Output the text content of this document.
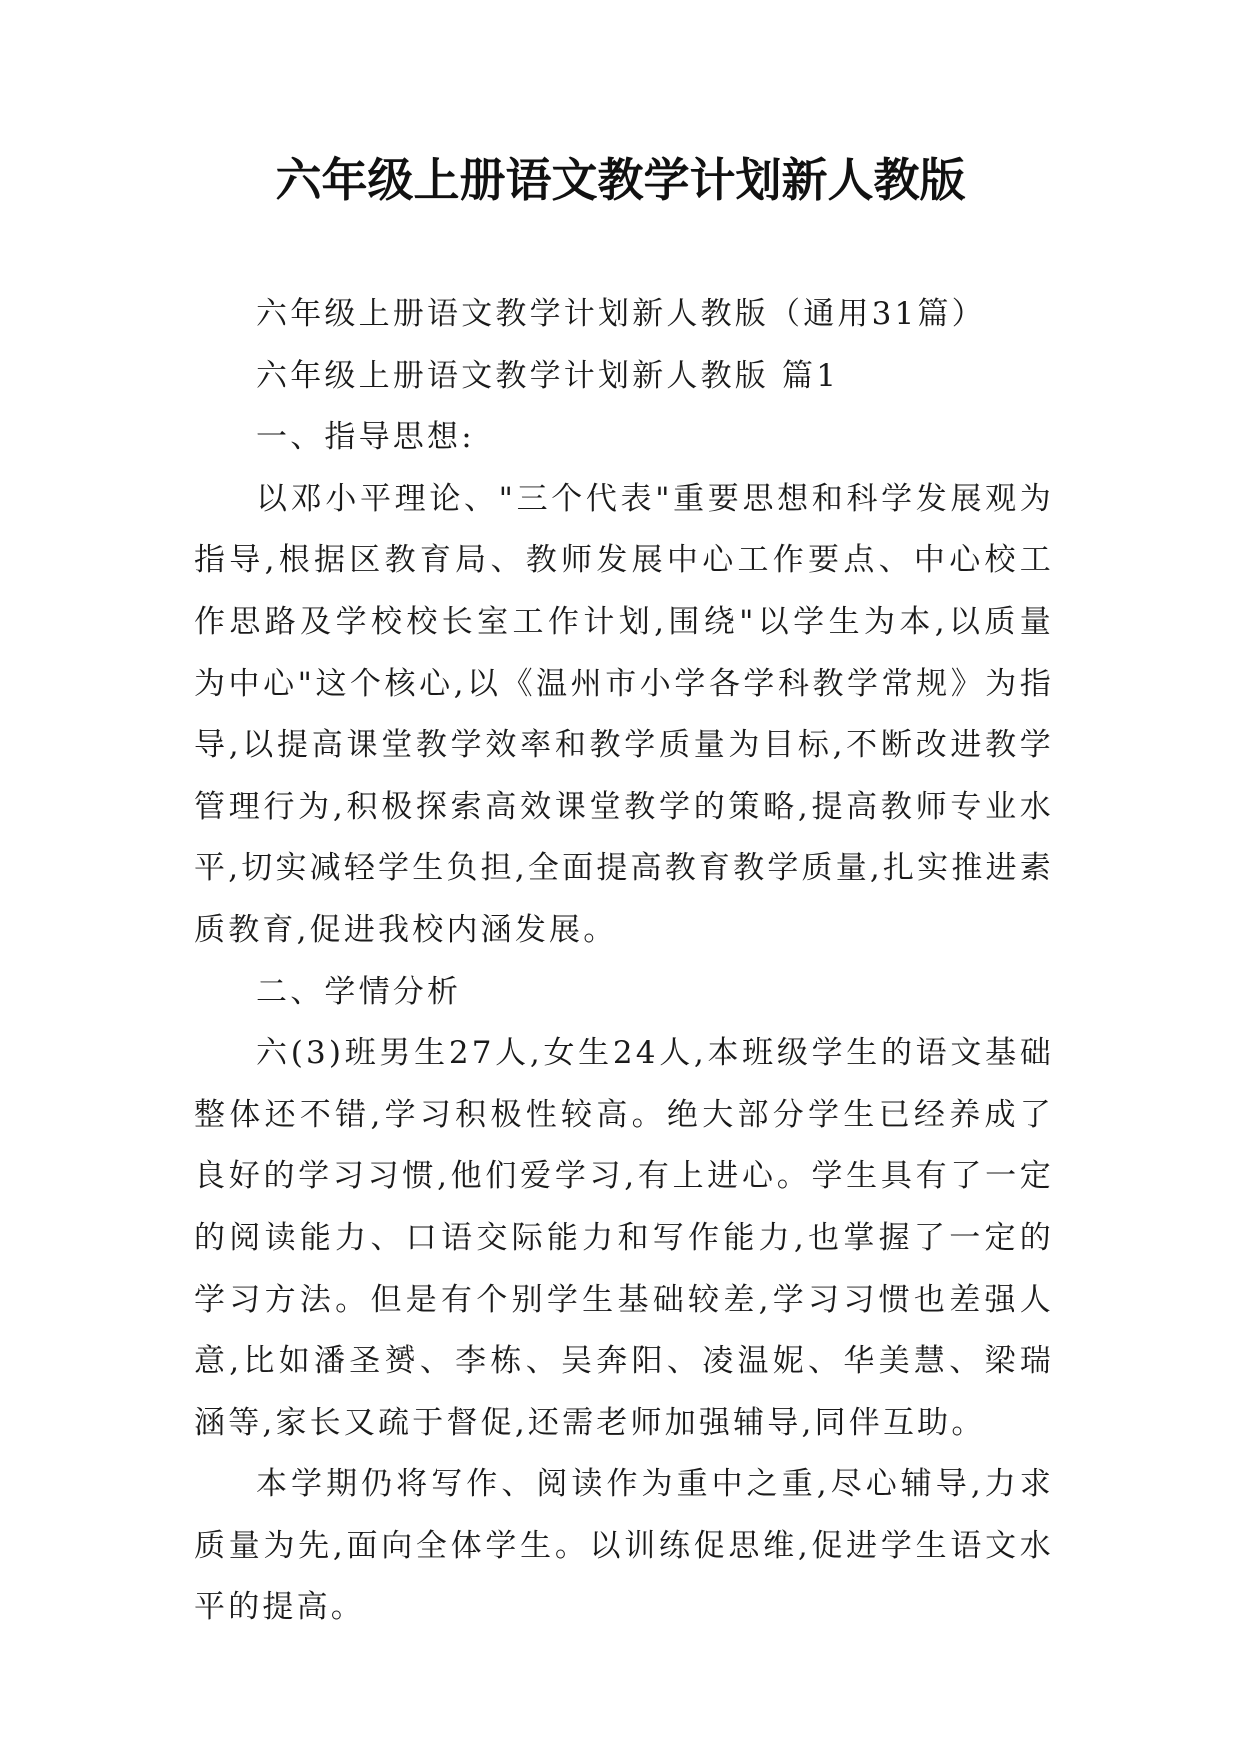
六年级上册语文教学计划新人教版

六年级上册语文教学计划新人教版（通用31篇）

六年级上册语文教学计划新人教版 篇1

一、指导思想:

以邓小平理论、"三个代表"重要思想和科学发展观为指导,根据区教育局、教师发展中心工作要点、中心校工作思路及学校校长室工作计划,围绕"以学生为本,以质量为中心"这个核心,以《温州市小学各学科教学常规》为指导,以提高课堂教学效率和教学质量为目标,不断改进教学管理行为,积极探索高效课堂教学的策略,提高教师专业水平,切实减轻学生负担,全面提高教育教学质量,扎实推进素质教育,促进我校内涵发展。

二、学情分析

六(3)班男生27人,女生24人,本班级学生的语文基础整体还不错,学习积极性较高。绝大部分学生已经养成了良好的学习习惯,他们爱学习,有上进心。学生具有了一定的阅读能力、口语交际能力和写作能力,也掌握了一定的学习方法。但是有个别学生基础较差,学习习惯也差强人意,比如潘圣赟、李栋、吴奔阳、凌温妮、华美慧、梁瑞涵等,家长又疏于督促,还需老师加强辅导,同伴互助。

本学期仍将写作、阅读作为重中之重,尽心辅导,力求质量为先,面向全体学生。以训练促思维,促进学生语文水平的提高。
